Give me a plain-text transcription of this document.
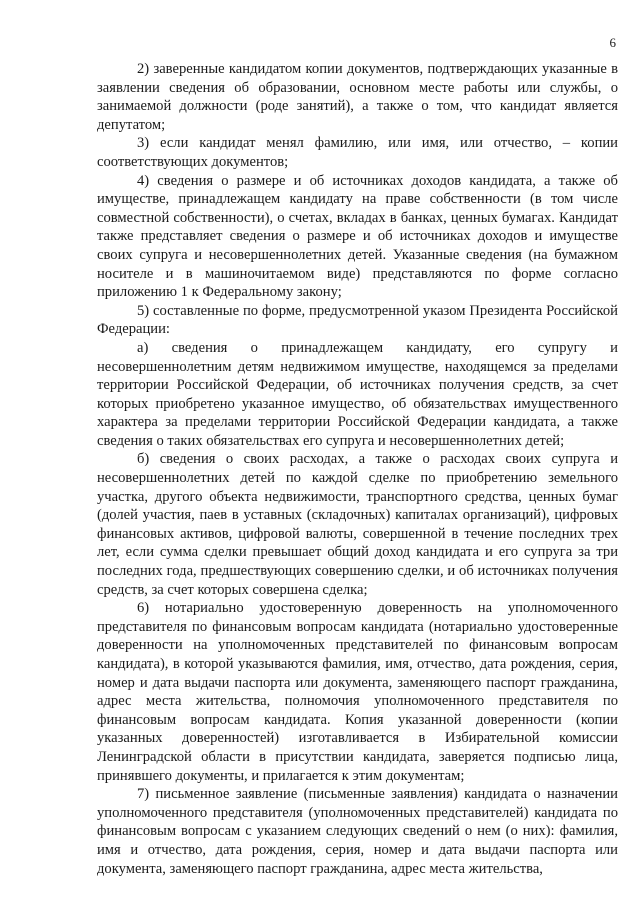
6

2) заверенные кандидатом копии документов, подтверждающих указанные в заявлении сведения об образовании, основном месте работы или службы, о занимаемой должности (роде занятий), а также о том, что кандидат является депутатом;

3) если кандидат менял фамилию, или имя, или отчество, – копии соответствующих документов;

4) сведения о размере и об источниках доходов кандидата, а также об имуществе, принадлежащем кандидату на праве собственности (в том числе совместной собственности), о счетах, вкладах в банках, ценных бумагах. Кандидат также представляет сведения о размере и об источниках доходов и имуществе своих супруга и несовершеннолетних детей. Указанные сведения (на бумажном носителе и в машиночитаемом виде) представляются по форме согласно приложению 1 к Федеральному закону;

5) составленные по форме, предусмотренной указом Президента Российской Федерации:

а) сведения о принадлежащем кандидату, его супругу и несовершеннолетним детям недвижимом имуществе, находящемся за пределами территории Российской Федерации, об источниках получения средств, за счет которых приобретено указанное имущество, об обязательствах имущественного характера за пределами территории Российской Федерации кандидата, а также сведения о таких обязательствах его супруга и несовершеннолетних детей;

б) сведения о своих расходах, а также о расходах своих супруга и несовершеннолетних детей по каждой сделке по приобретению земельного участка, другого объекта недвижимости, транспортного средства, ценных бумаг (долей участия, паев в уставных (складочных) капиталах организаций), цифровых финансовых активов, цифровой валюты, совершенной в течение последних трех лет, если сумма сделки превышает общий доход кандидата и его супруга за три последних года, предшествующих совершению сделки, и об источниках получения средств, за счет которых совершена сделка;

6) нотариально удостоверенную доверенность на уполномоченного представителя по финансовым вопросам кандидата (нотариально удостоверенные доверенности на уполномоченных представителей по финансовым вопросам кандидата), в которой указываются фамилия, имя, отчество, дата рождения, серия, номер и дата выдачи паспорта или документа, заменяющего паспорт гражданина, адрес места жительства, полномочия уполномоченного представителя по финансовым вопросам кандидата. Копия указанной доверенности (копии указанных доверенностей) изготавливается в Избирательной комиссии Ленинградской области в присутствии кандидата, заверяется подписью лица, принявшего документы, и прилагается к этим документам;

7) письменное заявление (письменные заявления) кандидата о назначении уполномоченного представителя (уполномоченных представителей) кандидата по финансовым вопросам с указанием следующих сведений о нем (о них): фамилия, имя и отчество, дата рождения, серия, номер и дата выдачи паспорта или документа, заменяющего паспорт гражданина, адрес места жительства,
